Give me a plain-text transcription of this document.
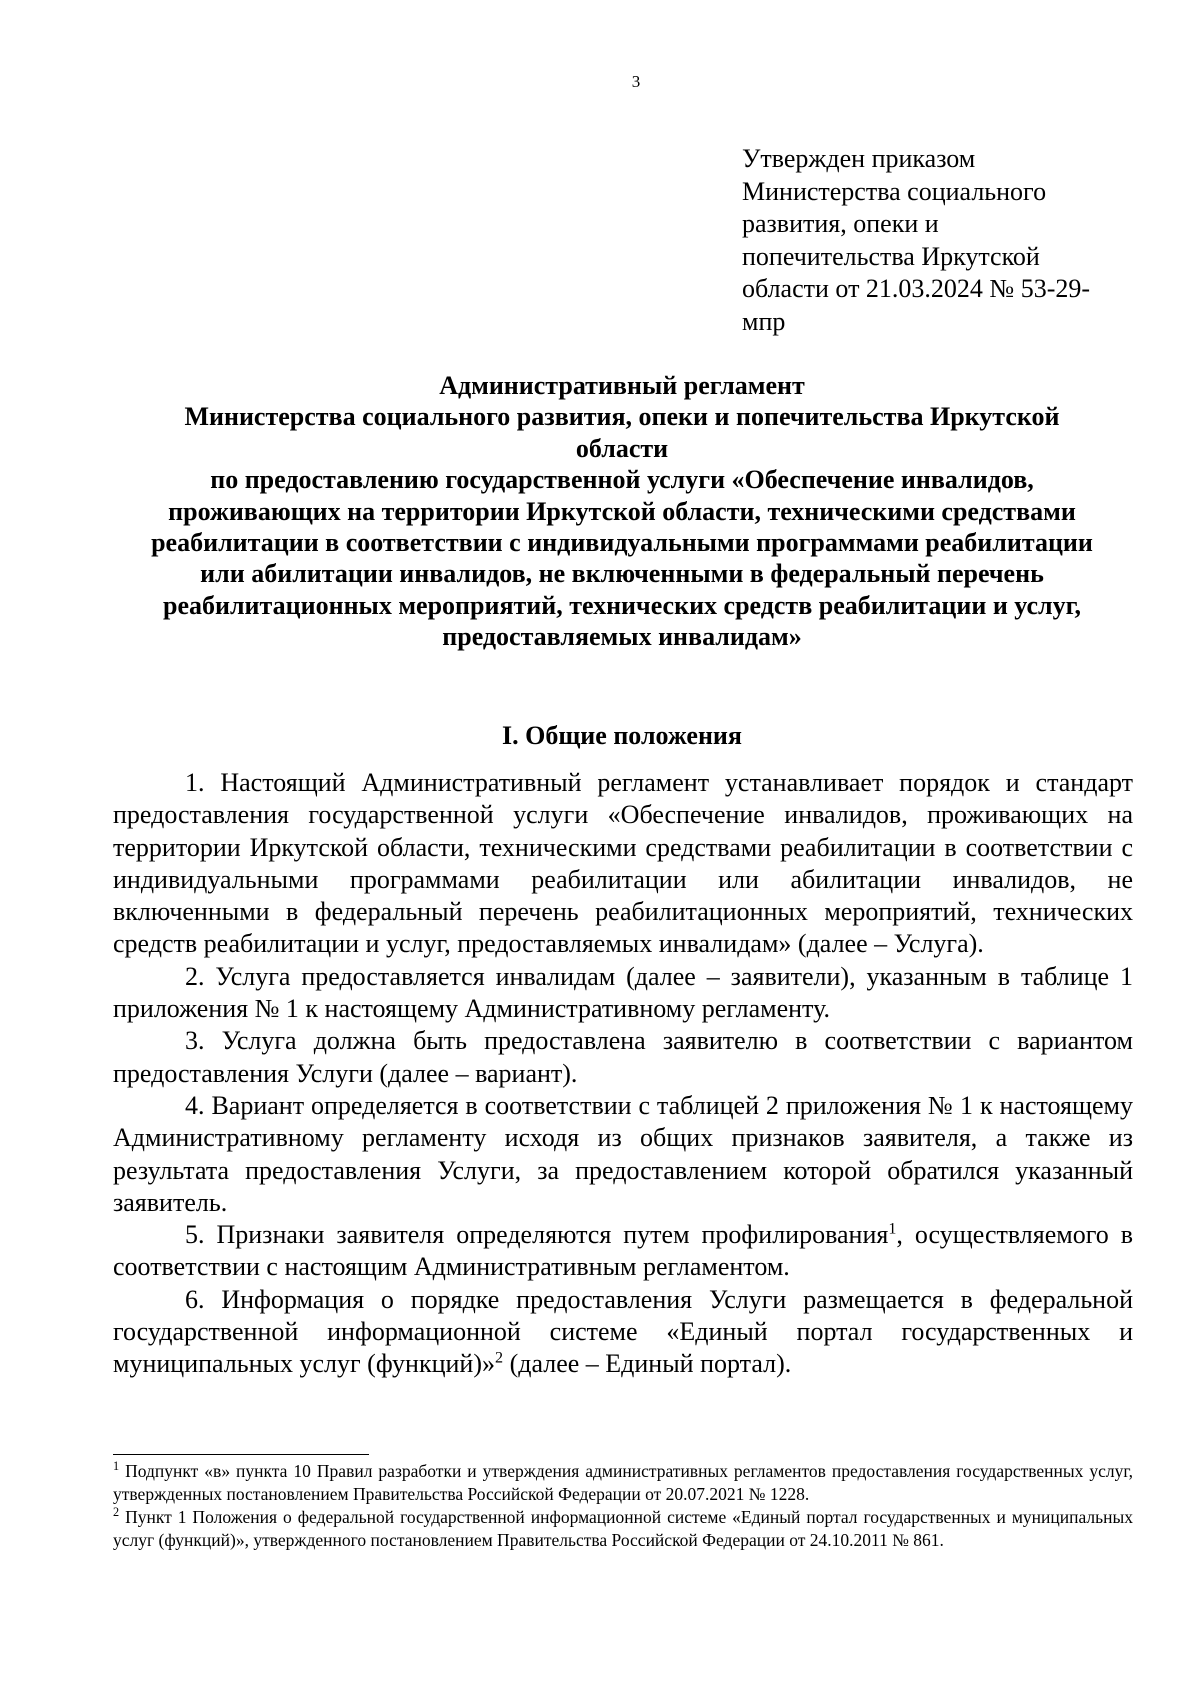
3
Утвержден приказом
Министерства социального
развития, опеки и
попечительства Иркутской
области от 21.03.2024 № 53-29-
мпр
Административный регламент
Министерства социального развития, опеки и попечительства Иркутской
области
по предоставлению государственной услуги «Обеспечение инвалидов,
проживающих на территории Иркутской области, техническими средствами
реабилитации в соответствии с индивидуальными программами реабилитации
или абилитации инвалидов, не включенными в федеральный перечень
реабилитационных мероприятий, технических средств реабилитации и услуг,
предоставляемых инвалидам»
I. Общие положения

1. Настоящий Административный регламент устанавливает порядок и стандарт предоставления государственной услуги «Обеспечение инвалидов, проживающих на территории Иркутской области, техническими средствами реабилитации в соответствии с индивидуальными программами реабилитации или абилитации инвалидов, не включенными в федеральный перечень реабилитационных мероприятий, технических средств реабилитации и услуг, предоставляемых инвалидам» (далее – Услуга).

2. Услуга предоставляется инвалидам (далее – заявители), указанным в таблице 1 приложения № 1 к настоящему Административному регламенту.

3. Услуга должна быть предоставлена заявителю в соответствии с вариантом предоставления Услуги (далее – вариант).

4. Вариант определяется в соответствии с таблицей 2 приложения № 1 к настоящему Административному регламенту исходя из общих признаков заявителя, а также из результата предоставления Услуги, за предоставлением которой обратился указанный заявитель.

5. Признаки заявителя определяются путем профилирования$^1$, осуществляемого в соответствии с настоящим Административным регламентом.

6. Информация о порядке предоставления Услуги размещается в федеральной государственной информационной системе «Единый портал государственных и муниципальных услуг (функций)»$^2$ (далее – Единый портал).

$^1$ Подпункт «в» пункта 10 Правил разработки и утверждения административных регламентов предоставления государственных услуг, утвержденных постановлением Правительства Российской Федерации от 20.07.2021 № 1228.

$^2$ Пункт 1 Положения о федеральной государственной информационной системе «Единый портал государственных и муниципальных услуг (функций)», утвержденного постановлением Правительства Российской Федерации от 24.10.2011 № 861.
